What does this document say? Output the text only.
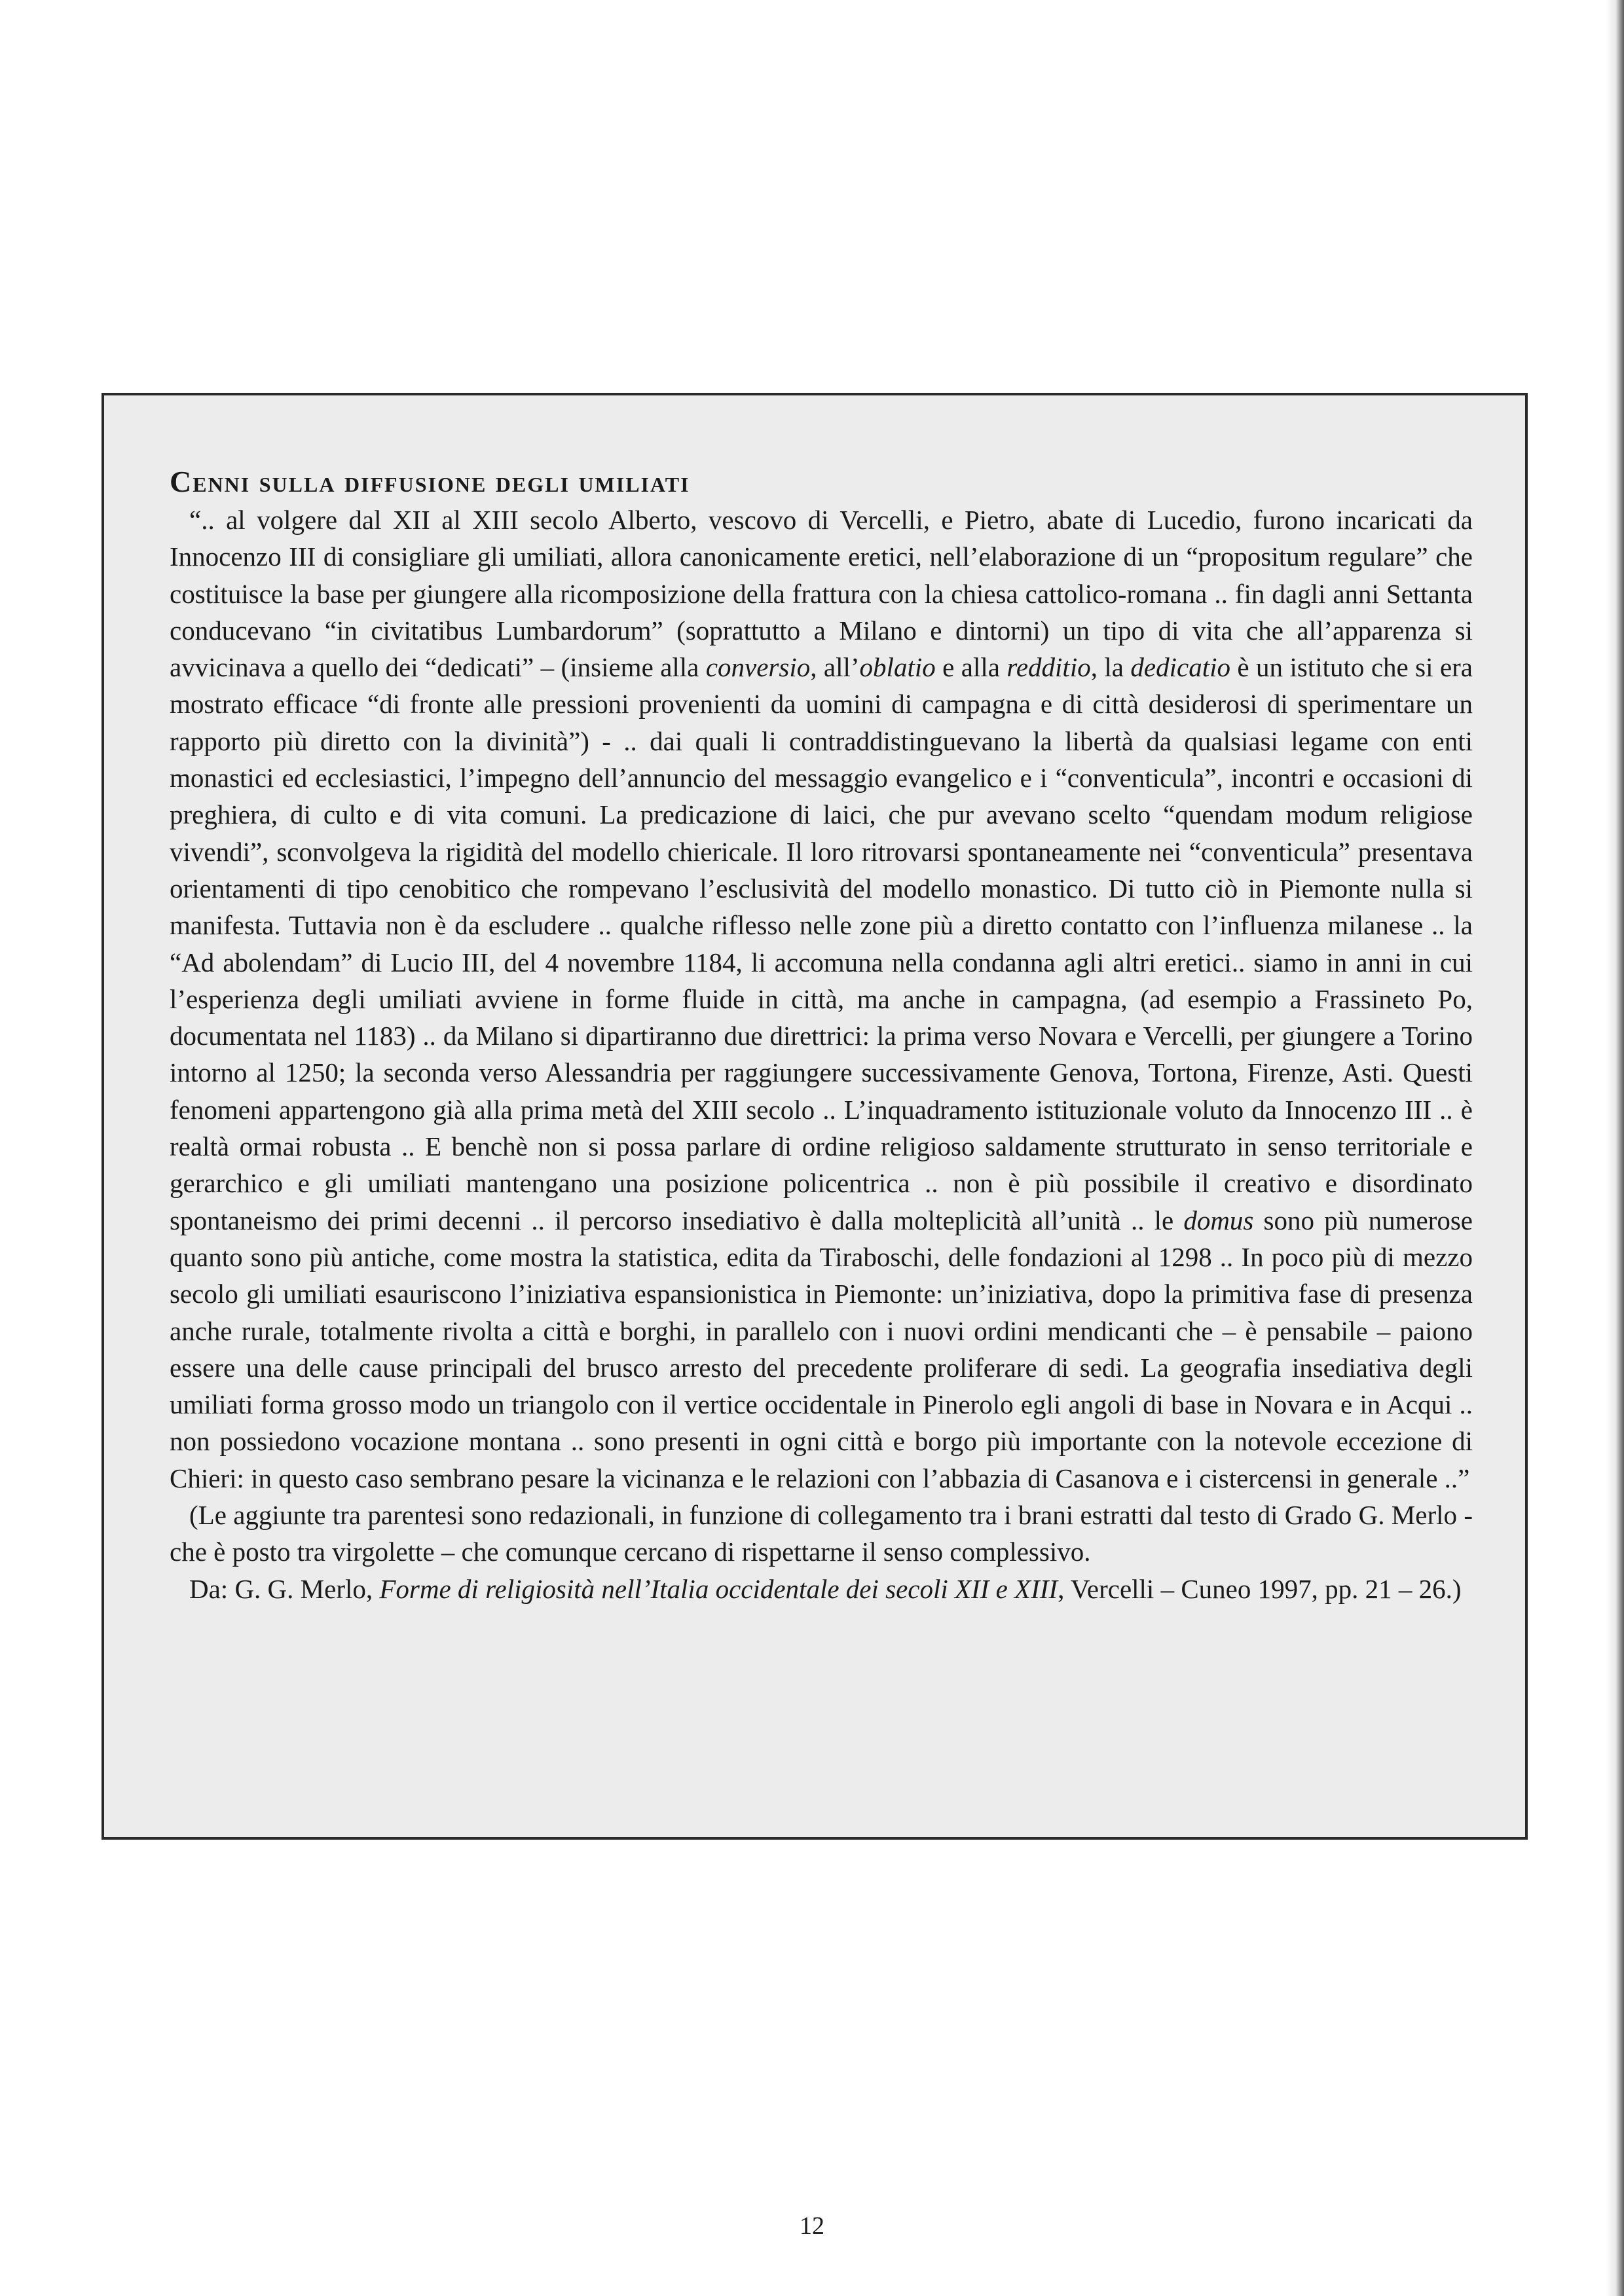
Cenni sulla diffusione degli umiliati

“.. al volgere dal XII al XIII secolo Alberto, vescovo di Vercelli, e Pietro, abate di Lucedio, furono incaricati da Innocenzo III di consigliare gli umiliati, allora canonicamente eretici, nell’elaborazione di un “propositum regulare” che costituisce la base per giungere alla ricomposizione della frattura con la chiesa cattolico-romana .. fin dagli anni Settanta conducevano “in civitatibus Lumbardorum” (soprattutto a Milano e dintorni) un tipo di vita che all’apparenza si avvicinava a quello dei “dedicati” – (insieme alla conversio, all’oblatio e alla redditio, la dedicatio è un istituto che si era mostrato efficace “di fronte alle pressioni provenienti da uomini di campagna e di città desiderosi di sperimentare un rapporto più diretto con la divinità”) - .. dai quali li contraddistinguevano la libertà da qualsiasi legame con enti monastici ed ecclesiastici, l’impegno dell’annuncio del messaggio evangelico e i “conventicula”, incontri e occasioni di preghiera, di culto e di vita comuni. La predicazione di laici, che pur avevano scelto “quendam modum religiose vivendi”, sconvolgeva la rigidità del modello chiericale. Il loro ritrovarsi spontaneamente nei “conventicula” presentava orientamenti di tipo cenobitico che rompevano l’esclusività del modello monastico. Di tutto ciò in Piemonte nulla si manifesta. Tuttavia non è da escludere .. qualche riflesso nelle zone più a diretto contatto con l’influenza milanese .. la “Ad abolendam” di Lucio III, del 4 novembre 1184, li accomuna nella condanna agli altri eretici.. siamo in anni in cui l’esperienza degli umiliati avviene in forme fluide in città, ma anche in campagna, (ad esempio a Frassineto Po, documentata nel 1183) .. da Milano si dipartiranno due direttrici: la prima verso Novara e Vercelli, per giungere a Torino intorno al 1250; la seconda verso Alessandria per raggiungere successivamente Genova, Tortona, Firenze, Asti. Questi fenomeni appartengono già alla prima metà del XIII secolo .. L’inquadramento istituzionale voluto da Innocenzo III .. è realtà ormai robusta .. E benchè non si possa parlare di ordine religioso saldamente strutturato in senso territoriale e gerarchico e gli umiliati mantengano una posizione policentrica .. non è più possibile il creativo e disordinato spontaneismo dei primi decenni .. il percorso insediativo è dalla molteplicità all’unità .. le domus sono più numerose quanto sono più antiche, come mostra la statistica, edita da Tiraboschi, delle fondazioni al 1298 .. In poco più di mezzo secolo gli umiliati esauriscono l’iniziativa espansionistica in Piemonte: un’iniziativa, dopo la primitiva fase di presenza anche rurale, totalmente rivolta a città e borghi, in parallelo con i nuovi ordini mendicanti che – è pensabile – paiono essere una delle cause principali del brusco arresto del precedente proliferare di sedi. La geografia insediativa degli umiliati forma grosso modo un triangolo con il vertice occidentale in Pinerolo egli angoli di base in Novara e in Acqui .. non possiedono vocazione montana .. sono presenti in ogni città e borgo più importante con la notevole eccezione di Chieri: in questo caso sembrano pesare la vicinanza e le relazioni con l’abbazia di Casanova e i cistercensi in generale ..”

(Le aggiunte tra parentesi sono redazionali, in funzione di collegamento tra i brani estratti dal testo di Grado G. Merlo - che è posto tra virgolette – che comunque cercano di rispettarne il senso complessivo.

Da: G. G. Merlo, Forme di religiosità nell’Italia occidentale dei secoli XII e XIII, Vercelli – Cuneo 1997, pp. 21 – 26.)

12
